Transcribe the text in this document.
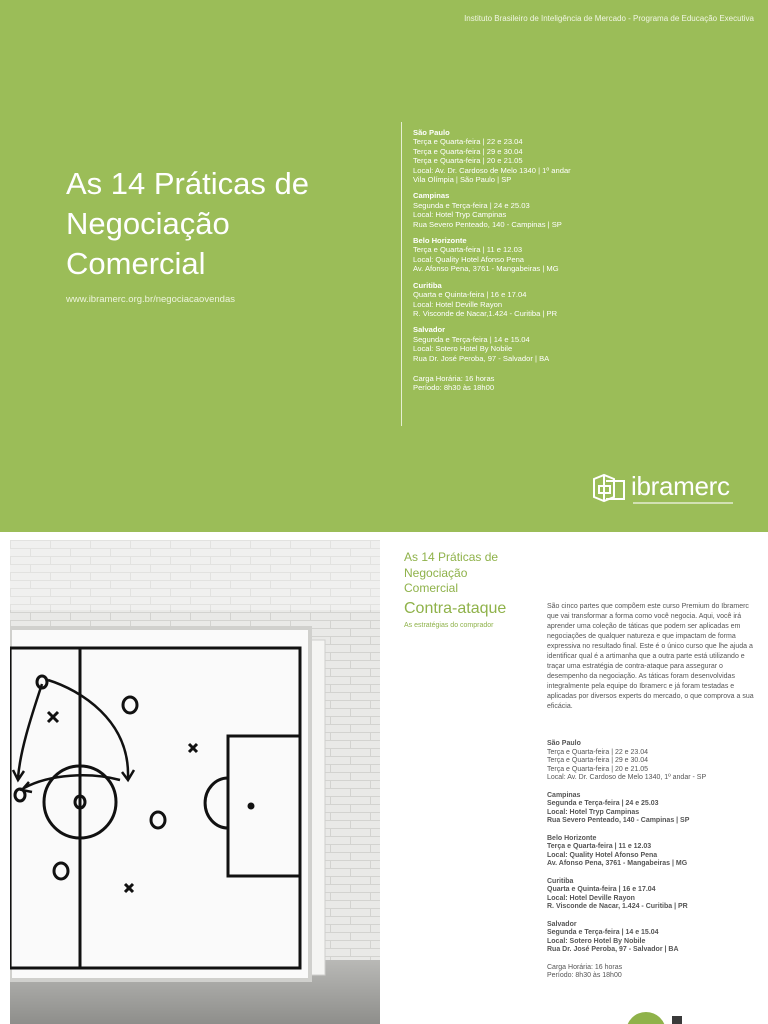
Instituto Brasileiro de Inteligência de Mercado - Programa de Educação Executiva
As 14 Práticas de
Negociação
Comercial
www.ibramerc.org.br/negociacaovendas
São Paulo
Terça e Quarta-feira | 22 e 23.04
Terça e Quarta-feira | 29 e 30.04
Terça e Quarta-feira | 20 e 21.05
Local: Av. Dr. Cardoso de Melo 1340 | 1º andar
Vila Olímpia | São Paulo | SP
Campinas
Segunda e Terça-feira | 24 e 25.03
Local: Hotel Tryp Campinas
Rua Severo Penteado, 140 - Campinas | SP
Belo Horizonte
Terça e Quarta-feira | 11 e 12.03
Local: Quality Hotel Afonso Pena
Av. Afonso Pena, 3761 - Mangabeiras | MG
Curitiba
Quarta e Quinta-feira | 16 e 17.04
Local: Hotel Deville Rayon
R. Visconde de Nacar,1.424 - Curitiba | PR
Salvador
Segunda e Terça-feira | 14 e 15.04
Local: Sotero Hotel By Nobile
Rua Dr. José Peroba, 97 - Salvador | BA
Carga Horária: 16 horas
Período: 8h30 às 18h00
ibramerc
As 14 Práticas de
Negociação
Comercial
Contra-ataque
As estratégias do comprador
São cinco partes que compõem este curso Premium do Ibramerc que vai transformar a forma como você negocia. Aqui, você irá aprender uma coleção de táticas que podem ser aplicadas em negociações de qualquer natureza e que impactam de forma expressiva no resultado final. Este é o único curso que lhe ajuda a identificar qual é a artimanha que a outra parte está utilizando e traçar uma estratégia de contra-ataque para assegurar o desempenho da negociação. As táticas foram desenvolvidas integralmente pela equipe do Ibramerc e já foram testadas e aplicadas por diversos experts do mercado, o que comprova a sua eficácia.
São Paulo
Terça e Quarta-feira | 22 e 23.04
Terça e Quarta-feira | 29 e 30.04
Terça e Quarta-feira | 20 e 21.05
Local: Av. Dr. Cardoso de Melo 1340, 1º andar - SP
Campinas
Segunda e Terça-feira | 24 e 25.03
Local: Hotel Tryp Campinas
Rua Severo Penteado, 140 - Campinas | SP
Belo Horizonte
Terça e Quarta-feira | 11 e 12.03
Local: Quality Hotel Afonso Pena
Av. Afonso Pena, 3761 - Mangabeiras | MG
Curitiba
Quarta e Quinta-feira | 16 e 17.04
Local: Hotel Deville Rayon
R. Visconde de Nacar, 1.424 - Curitiba | PR
Salvador
Segunda e Terça-feira | 14 e 15.04
Local: Sotero Hotel By Nobile
Rua Dr. José Peroba, 97 - Salvador | BA
Carga Horária: 16 horas
Período: 8h30 às 18h00
